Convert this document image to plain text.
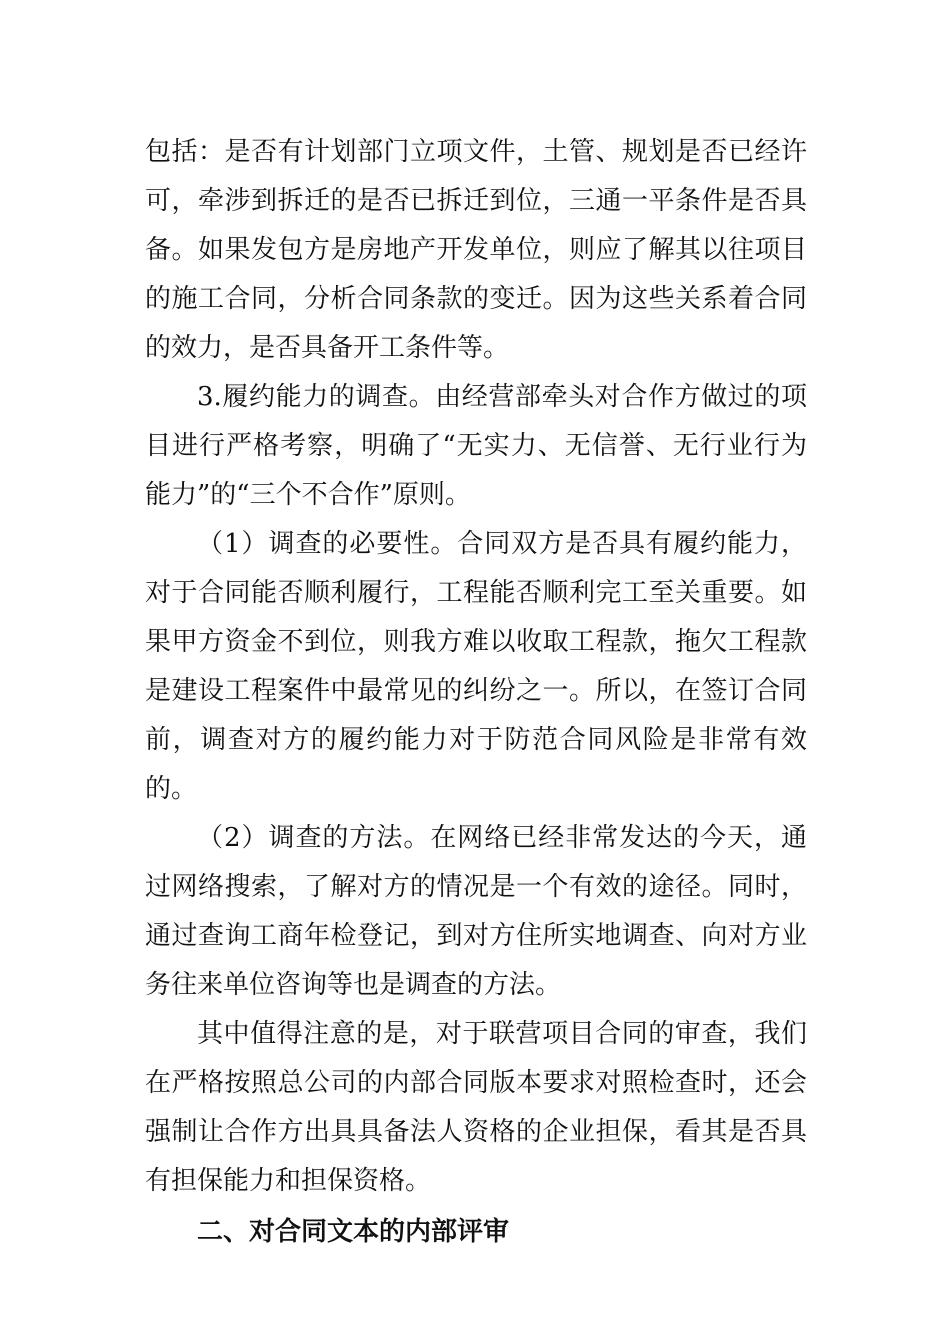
包括：是否有计划部门立项文件，土管、规划是否已经许可，牵涉到拆迁的是否已拆迁到位，三通一平条件是否具备。如果发包方是房地产开发单位，则应了解其以往项目的施工合同，分析合同条款的变迁。因为这些关系着合同的效力，是否具备开工条件等。

3.履约能力的调查。由经营部牵头对合作方做过的项目进行严格考察，明确了“无实力、无信誉、无行业行为能力”的“三个不合作”原则。

（1）调查的必要性。合同双方是否具有履约能力，对于合同能否顺利履行，工程能否顺利完工至关重要。如果甲方资金不到位，则我方难以收取工程款，拖欠工程款是建设工程案件中最常见的纠纷之一。所以，在签订合同前，调查对方的履约能力对于防范合同风险是非常有效的。

（2）调查的方法。在网络已经非常发达的今天，通过网络搜索，了解对方的情况是一个有效的途径。同时，通过查询工商年检登记，到对方住所实地调查、向对方业务往来单位咨询等也是调查的方法。

其中值得注意的是，对于联营项目合同的审查，我们在严格按照总公司的内部合同版本要求对照检查时，还会强制让合作方出具具备法人资格的企业担保，看其是否具有担保能力和担保资格。

二、对合同文本的内部评审
